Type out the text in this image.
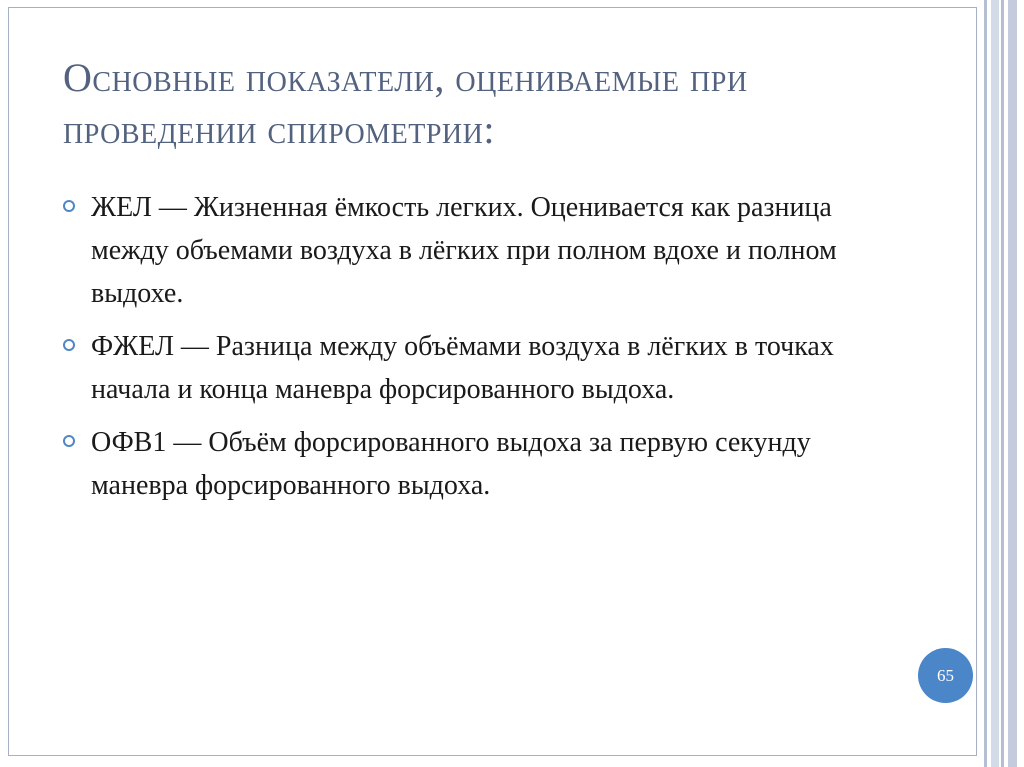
Основные показатели, оцениваемые при проведении спирометрии:
ЖЕЛ — Жизненная ёмкость легких. Оценивается как разница между объемами воздуха в лёгких при полном вдохе и полном выдохе.
ФЖЕЛ — Разница между объёмами воздуха в лёгких в точках начала и конца маневра форсированного выдоха.
ОФВ1 — Объём форсированного выдоха за первую секунду маневра форсированного выдоха.
65
